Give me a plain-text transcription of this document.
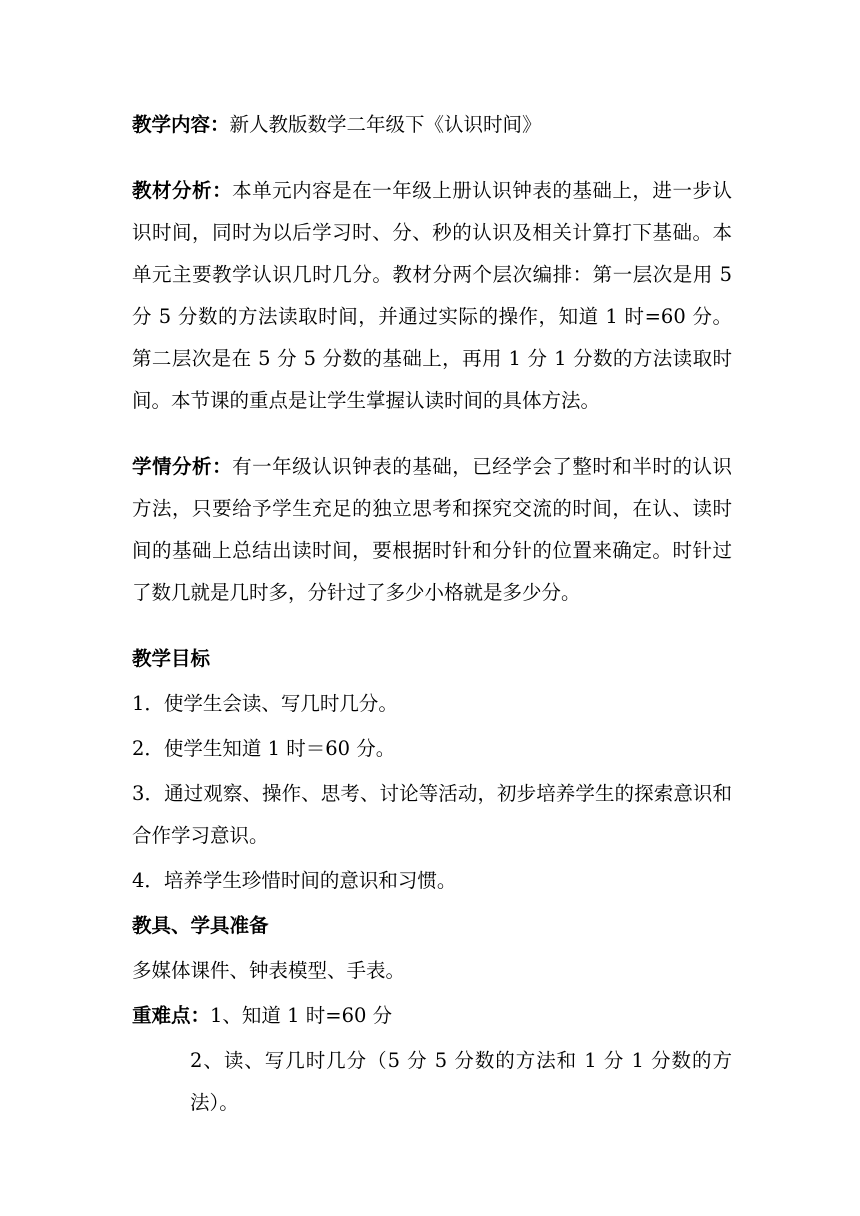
教学内容：新人教版数学二年级下《认识时间》

教材分析：本单元内容是在一年级上册认识钟表的基础上，进一步认识时间，同时为以后学习时、分、秒的认识及相关计算打下基础。本单元主要教学认识几时几分。教材分两个层次编排：第一层次是用 5 分 5 分数的方法读取时间，并通过实际的操作，知道 1 时=60 分。第二层次是在 5 分 5 分数的基础上，再用 1 分 1 分数的方法读取时间。本节课的重点是让学生掌握认读时间的具体方法。

学情分析：有一年级认识钟表的基础，已经学会了整时和半时的认识方法，只要给予学生充足的独立思考和探究交流的时间，在认、读时间的基础上总结出读时间，要根据时针和分针的位置来确定。时针过了数几就是几时多，分针过了多少小格就是多少分。

教学目标

1．使学生会读、写几时几分。

2．使学生知道 1 时＝60 分。

3．通过观察、操作、思考、讨论等活动，初步培养学生的探索意识和合作学习意识。

4．培养学生珍惜时间的意识和习惯。

教具、学具准备

多媒体课件、钟表模型、手表。

重难点：1、知道 1 时=60 分

2、读、写几时几分（5 分 5 分数的方法和 1 分 1 分数的方法）。
